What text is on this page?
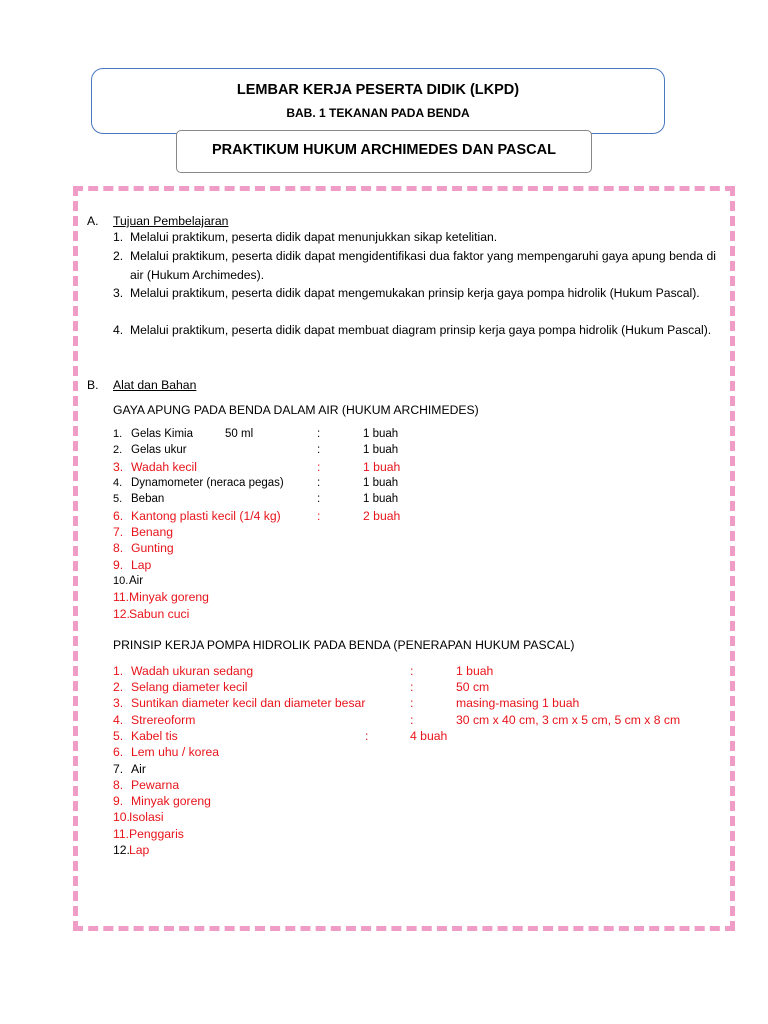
LEMBAR KERJA PESERTA DIDIK (LKPD)
BAB. 1 TEKANAN PADA BENDA
PRAKTIKUM HUKUM ARCHIMEDES DAN PASCAL
A. Tujuan Pembelajaran
1. Melalui praktikum, peserta didik dapat menunjukkan sikap ketelitian.
2. Melalui praktikum, peserta didik dapat mengidentifikasi dua faktor yang mempengaruhi gaya apung benda di air (Hukum Archimedes).
3. Melalui praktikum, peserta didik dapat mengemukakan prinsip kerja gaya pompa hidrolik (Hukum Pascal).
4. Melalui praktikum, peserta didik dapat membuat diagram prinsip kerja gaya pompa hidrolik (Hukum Pascal).
B. Alat dan Bahan
GAYA APUNG PADA BENDA DALAM AIR (HUKUM ARCHIMEDES)
1. Gelas Kimia	50 ml	:	1 buah
2. Gelas ukur	:	1 buah
3. Wadah kecil	:	1 buah
4. Dynamometer (neraca pegas)	:	1 buah
5. Beban	:	1 buah
6. Kantong plasti kecil (1/4 kg)	:	2 buah
7. Benang
8. Gunting
9. Lap
10. Air
11. Minyak goreng
12. Sabun cuci
PRINSIP KERJA POMPA HIDROLIK PADA BENDA (PENERAPAN HUKUM PASCAL)
1. Wadah ukuran sedang	:	1 buah
2. Selang diameter kecil	:	50 cm
3. Suntikan diameter kecil dan diameter besar	:	masing-masing 1 buah
4. Strereoform	:	30 cm x 40 cm, 3 cm x 5 cm, 5 cm x 8 cm
5. Kabel tis	:	4 buah
6. Lem uhu / korea
7. Air
8. Pewarna
9. Minyak goreng
10. Isolasi
11. Penggaris
12. Lap
